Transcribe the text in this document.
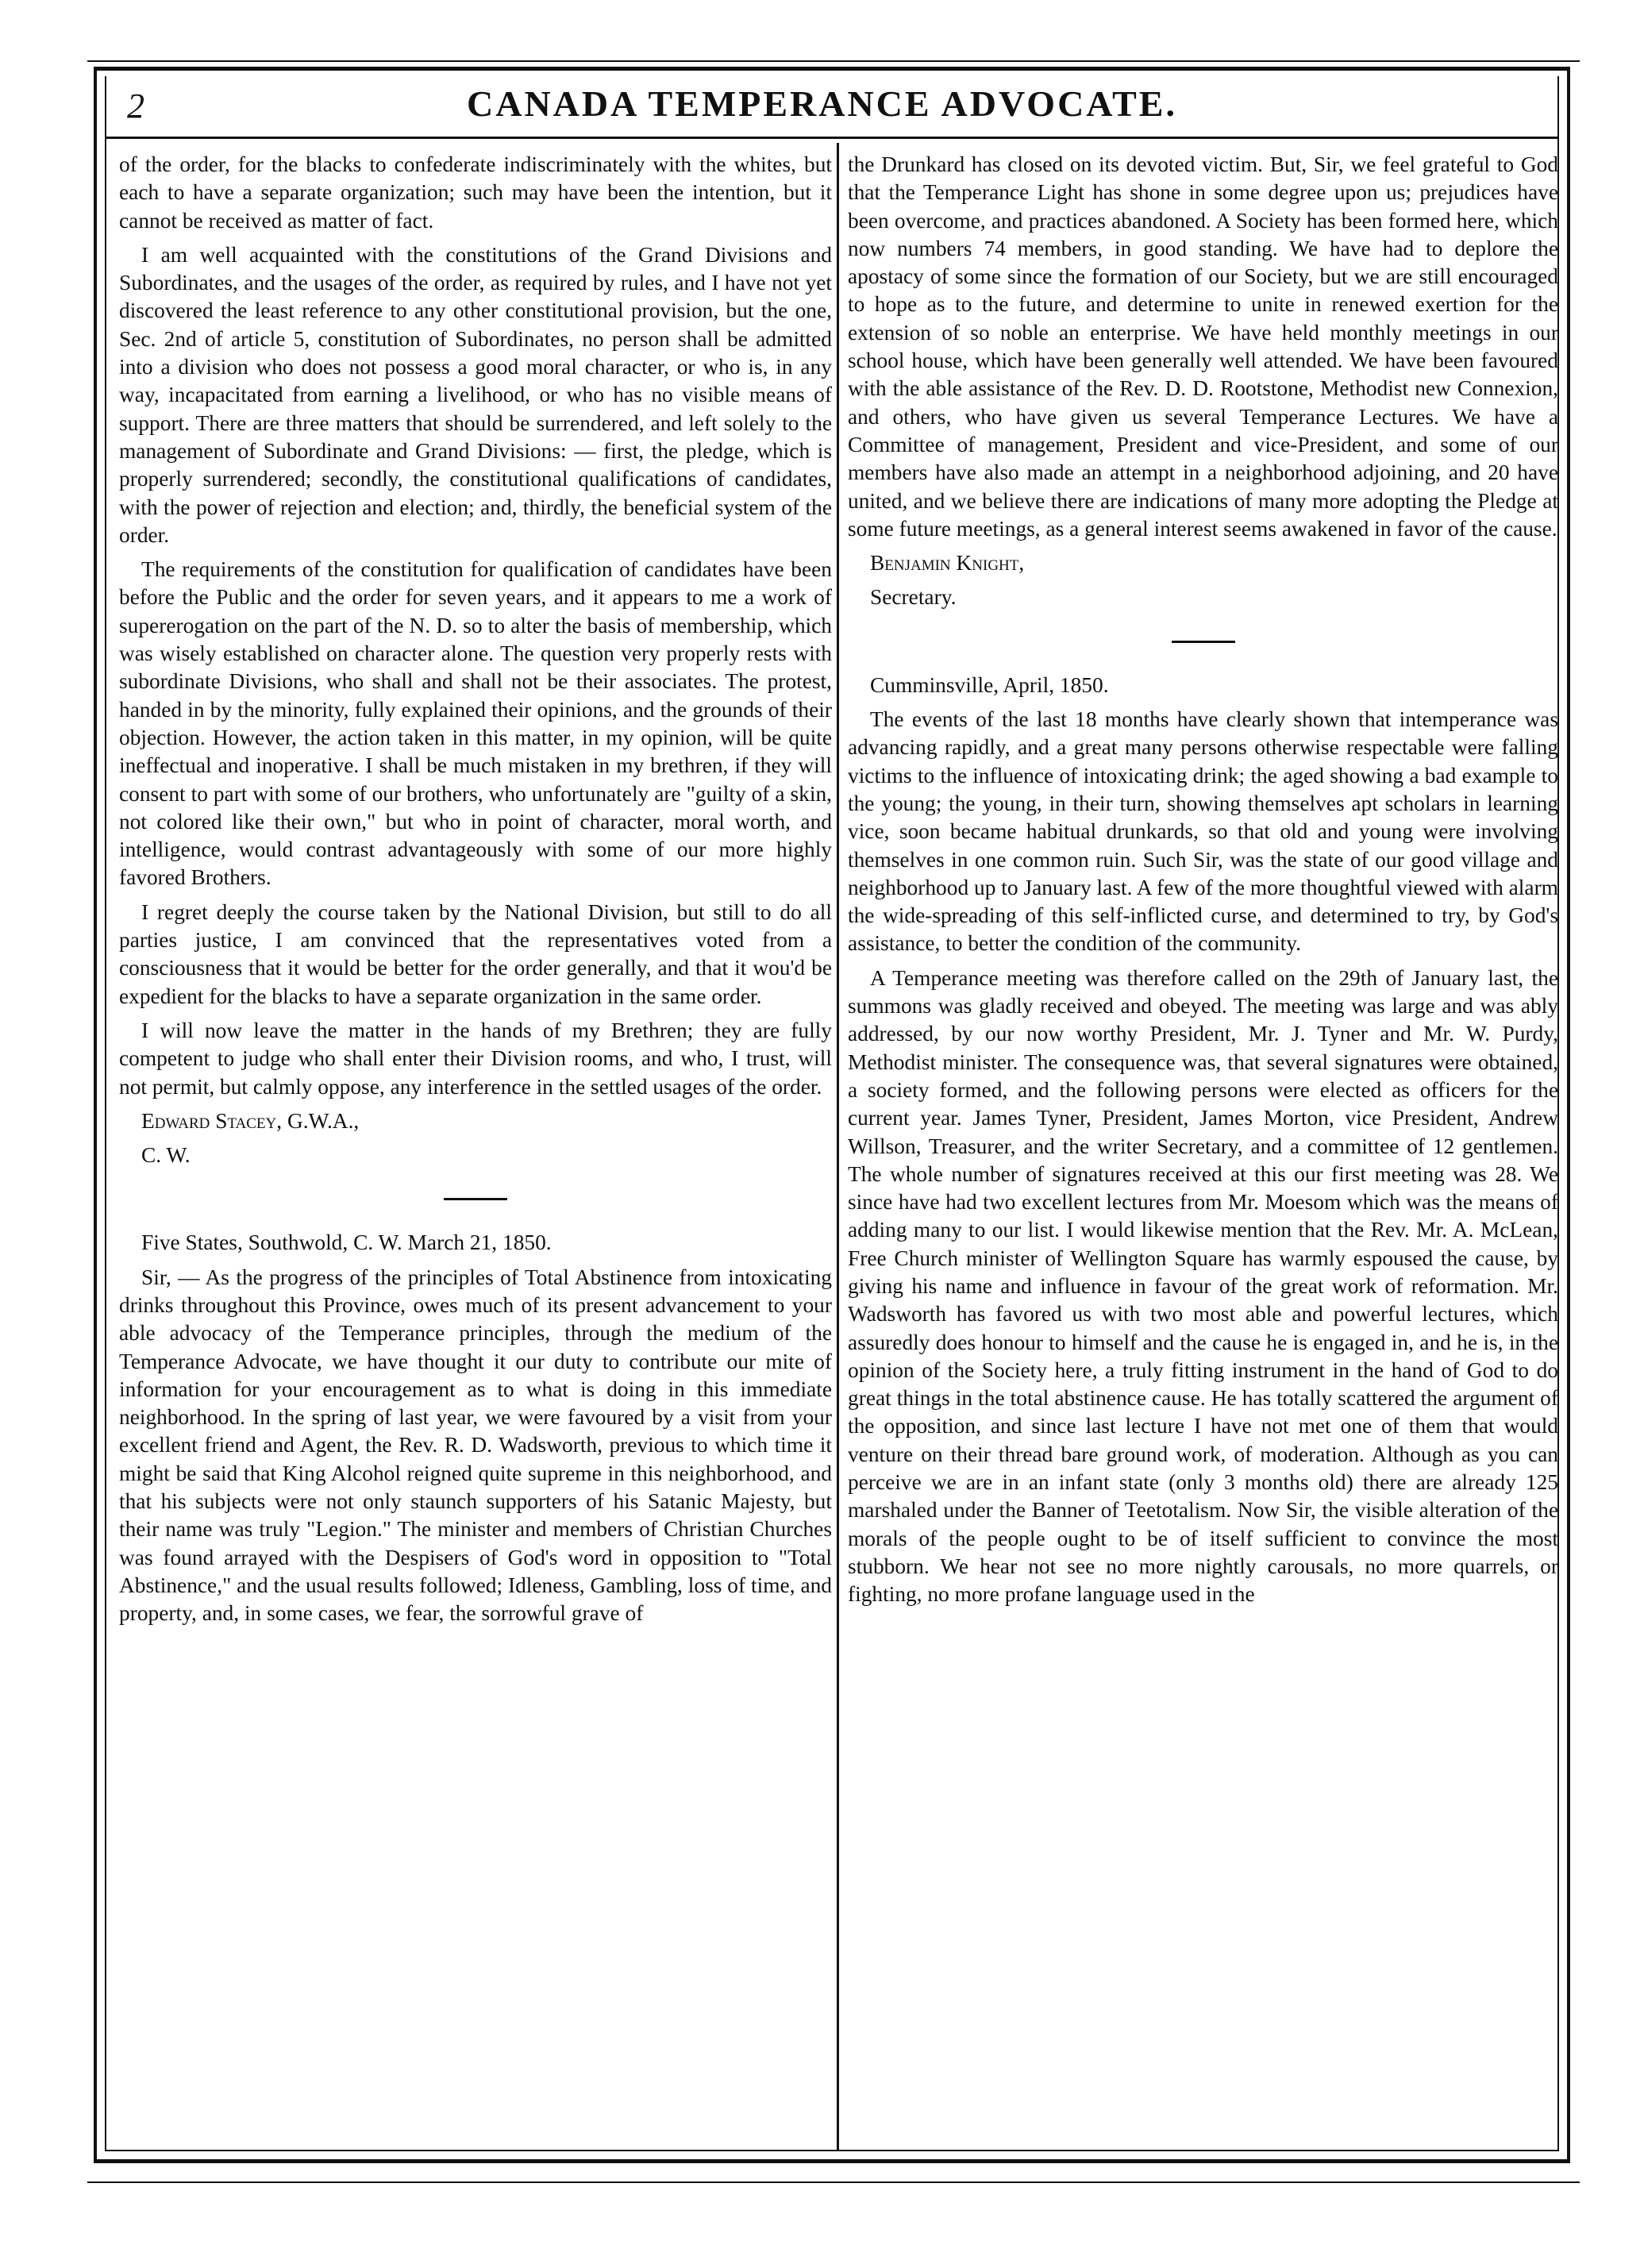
2	CANADA TEMPERANCE ADVOCATE.

of the order, for the blacks to confederate indiscriminately with the whites, but each to have a separate organization; such may have been the intention, but it cannot be received as matter of fact.

I am well acquainted with the constitutions of the Grand Divisions and Subordinates, and the usages of the order, as required by rules, and I have not yet discovered the least reference to any other constitutional provision, but the one, Sec. 2nd of article 5, constitution of Subordinates, no person shall be admitted into a division who does not possess a good moral character, or who is, in any way, incapacitated from earning a livelihood, or who has no visible means of support. There are three matters that should be surrendered, and left solely to the management of Subordinate and Grand Divisions: — first, the pledge, which is properly surrendered; secondly, the constitutional qualifications of candidates, with the power of rejection and election; and, thirdly, the beneficial system of the order.

The requirements of the constitution for qualification of candidates have been before the Public and the order for seven years, and it appears to me a work of supererogation on the part of the N. D. so to alter the basis of membership, which was wisely established on character alone. The question very properly rests with subordinate Divisions, who shall and shall not be their associates. The protest, handed in by the minority, fully explained their opinions, and the grounds of their objection. However, the action taken in this matter, in my opinion, will be quite ineffectual and inoperative. I shall be much mistaken in my brethren, if they will consent to part with some of our brothers, who unfortunately are "guilty of a skin, not colored like their own," but who in point of character, moral worth, and intelligence, would contrast advantageously with some of our more highly favored Brothers.

I regret deeply the course taken by the National Division, but still to do all parties justice, I am convinced that the representatives voted from a consciousness that it would be better for the order generally, and that it wou'd be expedient for the blacks to have a separate organization in the same order.

I will now leave the matter in the hands of my Brethren; they are fully competent to judge who shall enter their Division rooms, and who, I trust, will not permit, but calmly oppose, any interference in the settled usages of the order.

Edward Stacey, G.W.A.,

C. W.

Five States, Southwold, C. W. March 21, 1850.

Sir, — As the progress of the principles of Total Abstinence from intoxicating drinks throughout this Province, owes much of its present advancement to your able advocacy of the Temperance principles, through the medium of the Temperance Advocate, we have thought it our duty to contribute our mite of information for your encouragement as to what is doing in this immediate neighborhood. In the spring of last year, we were favoured by a visit from your excellent friend and Agent, the Rev. R. D. Wadsworth, previous to which time it might be said that King Alcohol reigned quite supreme in this neighborhood, and that his subjects were not only staunch supporters of his Satanic Majesty, but their name was truly "Legion." The minister and members of Christian Churches was found arrayed with the Despisers of God's word in opposition to "Total Abstinence," and the usual results followed; Idleness, Gambling, loss of time, and property, and, in some cases, we fear, the sorrowful grave of

the Drunkard has closed on its devoted victim. But, Sir, we feel grateful to God that the Temperance Light has shone in some degree upon us; prejudices have been overcome, and practices abandoned. A Society has been formed here, which now numbers 74 members, in good standing. We have had to deplore the apostacy of some since the formation of our Society, but we are still encouraged to hope as to the future, and determine to unite in renewed exertion for the extension of so noble an enterprise. We have held monthly meetings in our school house, which have been generally well attended. We have been favoured with the able assistance of the Rev. D. D. Rootstone, Methodist new Connexion, and others, who have given us several Temperance Lectures. We have a Committee of management, President and vice-President, and some of our members have also made an attempt in a neighborhood adjoining, and 20 have united, and we believe there are indications of many more adopting the Pledge at some future meetings, as a general interest seems awakened in favor of the cause.

Benjamin Knight,

Secretary.

Cumminsville, April, 1850.

The events of the last 18 months have clearly shown that intemperance was advancing rapidly, and a great many persons otherwise respectable were falling victims to the influence of intoxicating drink; the aged showing a bad example to the young; the young, in their turn, showing themselves apt scholars in learning vice, soon became habitual drunkards, so that old and young were involving themselves in one common ruin. Such Sir, was the state of our good village and neighborhood up to January last. A few of the more thoughtful viewed with alarm the wide-spreading of this self-inflicted curse, and determined to try, by God's assistance, to better the condition of the community.

A Temperance meeting was therefore called on the 29th of January last, the summons was gladly received and obeyed. The meeting was large and was ably addressed, by our now worthy President, Mr. J. Tyner and Mr. W. Purdy, Methodist minister. The consequence was, that several signatures were obtained, a society formed, and the following persons were elected as officers for the current year. James Tyner, President, James Morton, vice President, Andrew Willson, Treasurer, and the writer Secretary, and a committee of 12 gentlemen. The whole number of signatures received at this our first meeting was 28. We since have had two excellent lectures from Mr. Moesom which was the means of adding many to our list. I would likewise mention that the Rev. Mr. A. McLean, Free Church minister of Wellington Square has warmly espoused the cause, by giving his name and influence in favour of the great work of reformation. Mr. Wadsworth has favored us with two most able and powerful lectures, which assuredly does honour to himself and the cause he is engaged in, and he is, in the opinion of the Society here, a truly fitting instrument in the hand of God to do great things in the total abstinence cause. He has totally scattered the argument of the opposition, and since last lecture I have not met one of them that would venture on their thread bare ground work, of moderation. Although as you can perceive we are in an infant state (only 3 months old) there are already 125 marshaled under the Banner of Teetotalism. Now Sir, the visible alteration of the morals of the people ought to be of itself sufficient to convince the most stubborn. We hear not see no more nightly carousals, no more quarrels, or fighting, no more profane language used in the
